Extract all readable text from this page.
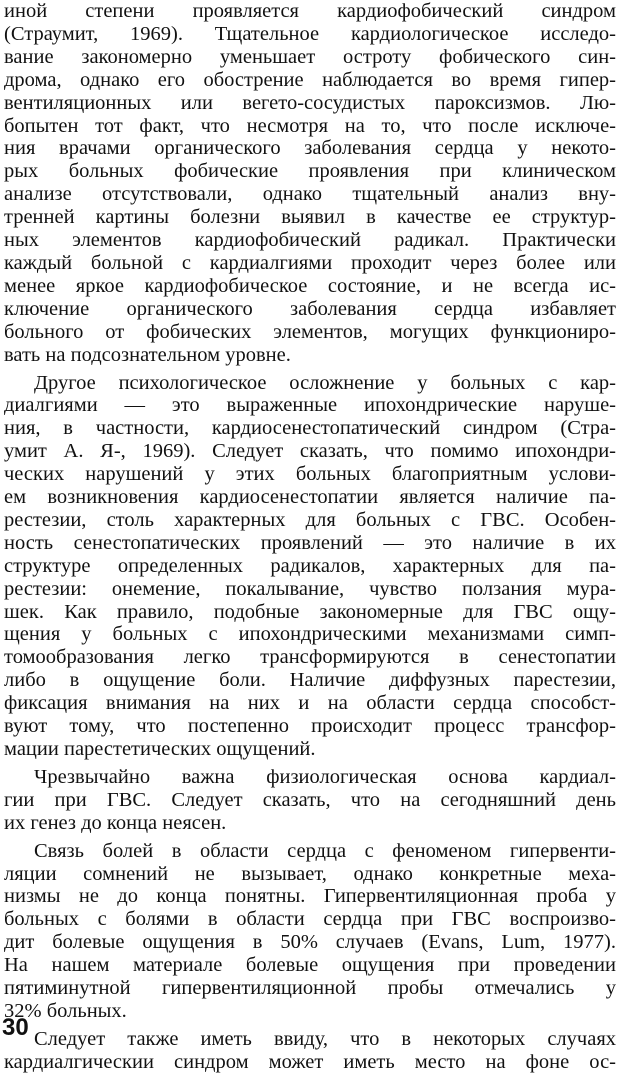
иной степени проявляется кардиофобический синдром
(Страумит, 1969). Тщательное кардиологическое исследо-
вание закономерно уменьшает остроту фобического син-
дрома, однако его обострение наблюдается во время гипер-
вентиляционных или вегето-сосудистых пароксизмов. Лю-
бопытен тот факт, что несмотря на то, что после исключе-
ния врачами органического заболевания сердца у некото-
рых больных фобические проявления при клиническом
анализе отсутствовали, однако тщательный анализ вну-
тренней картины болезни выявил в качестве ее структур-
ных элементов кардиофобический радикал. Практически
каждый больной с кардиалгиями проходит через более или
менее яркое кардиофобическое состояние, и не всегда ис-
ключение органического заболевания сердца избавляет
больного от фобических элементов, могущих функциониро-
вать на подсознательном уровне.
Другое психологическое осложнение у больных с кар-
диалгиями — это выраженные ипохондрические наруше-
ния, в частности, кардиосенестопатический синдром (Стра-
умит А. Я-, 1969). Следует сказать, что помимо ипохондри-
ческих нарушений у этих больных благоприятным услови-
ем возникновения кардиосенестопатии является наличие па-
рестезии, столь характерных для больных с ГВС. Особен-
ность сенестопатических проявлений — это наличие в их
структуре определенных радикалов, характерных для па-
рестезии: онемение, покалывание, чувство ползания мура-
шек. Как правило, подобные закономерные для ГВС ощу-
щения у больных с ипохондрическими механизмами симп-
томообразования легко трансформируются в сенестопатии
либо в ощущение боли. Наличие диффузных парестезии,
фиксация внимания на них и на области сердца способст-
вуют тому, что постепенно происходит процесс трансфор-
мации парестетических ощущений.
Чрезвычайно важна физиологическая основа кардиал-
гии при ГВС. Следует сказать, что на сегодняшний день
их генез до конца неясен.
Связь болей в области сердца с феноменом гипервенти-
ляции сомнений не вызывает, однако конкретные меха-
низмы не до конца понятны. Гипервентиляционная проба у
больных с болями в области сердца при ГВС воспроизво-
дит болевые ощущения в 50% случаев (Evans, Lum, 1977).
На нашем материале болевые ощущения при проведении
пятиминутной гипервентиляционной пробы отмечались у
32% больных.
Следует также иметь ввиду, что в некоторых случаях
кардиалгическии синдром может иметь место на фоне ос-
30
